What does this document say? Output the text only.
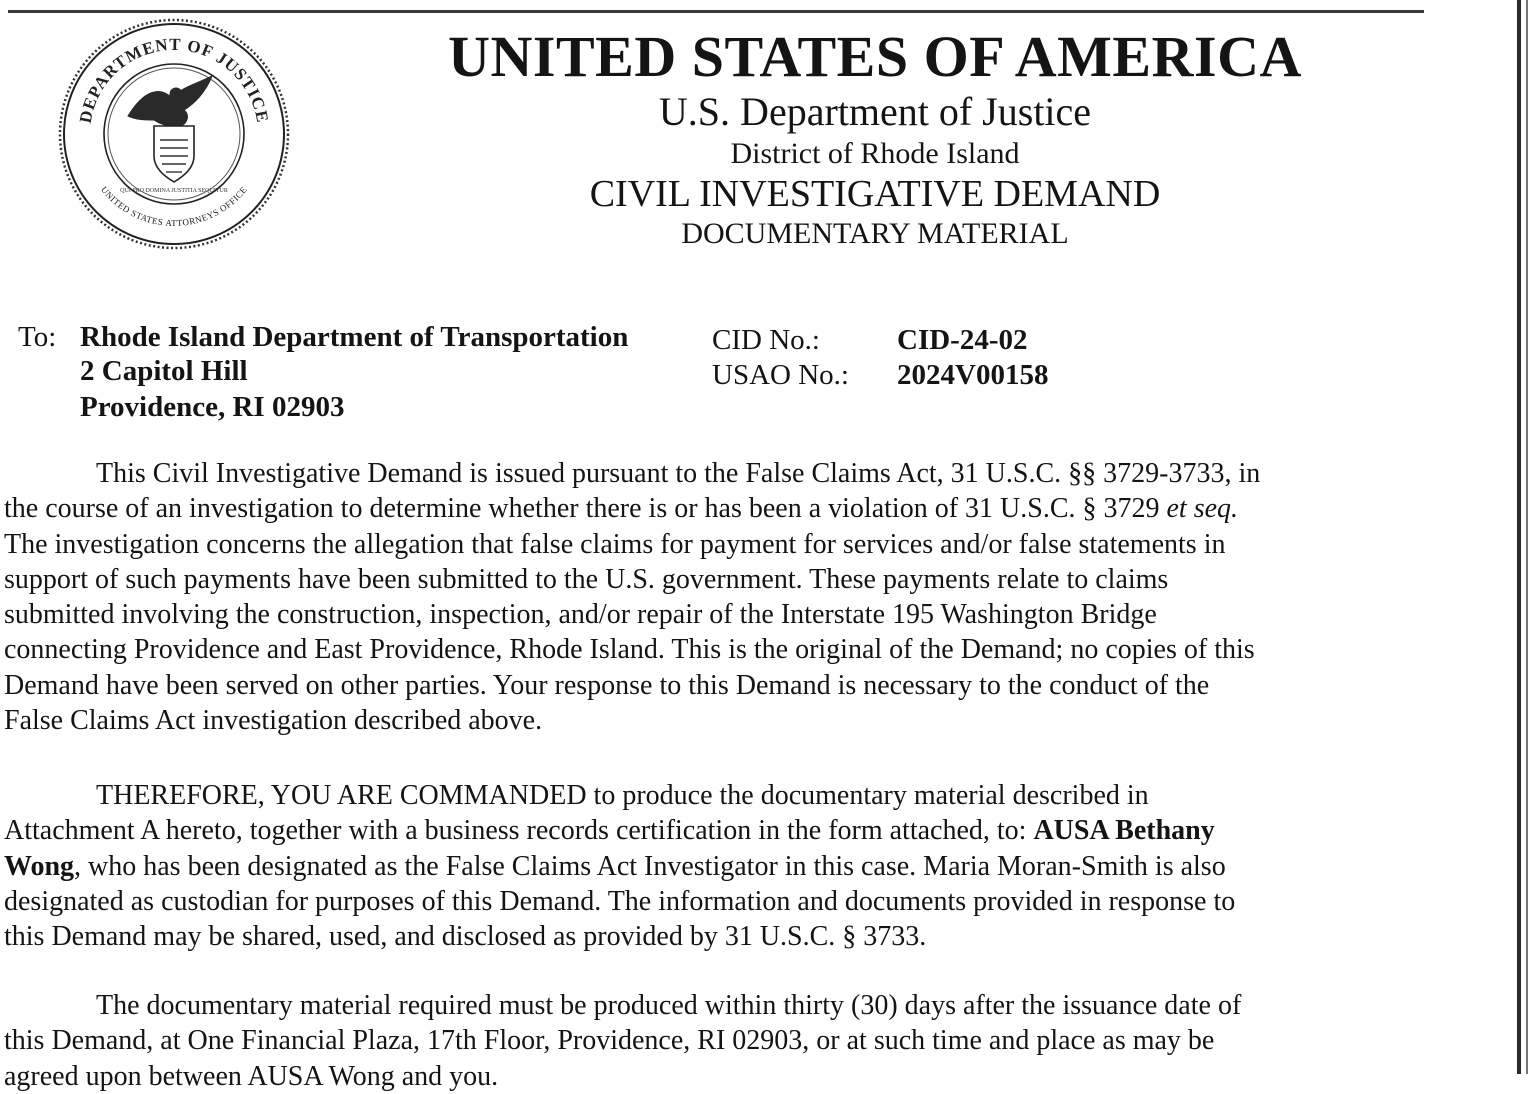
DEPARTMENT OF JUSTICE
UNITED STATES ATTORNEYS OFFICE
QUI PRO DOMINA JUSTITIA SEQUITUR
UNITED STATES OF AMERICA
U.S. Department of Justice
District of Rhode Island
CIVIL INVESTIGATIVE DEMAND
DOCUMENTARY MATERIAL
To: Rhode Island Department of Transportation
2 Capitol Hill
Providence, RI 02903
CID No.:	CID-24-02
USAO No.: 2024V00158
This Civil Investigative Demand is issued pursuant to the False Claims Act, 31 U.S.C. §§ 3729-3733, in
the course of an investigation to determine whether there is or has been a violation of 31 U.S.C. § 3729 et seq.
The investigation concerns the allegation that false claims for payment for services and/or false statements in
support of such payments have been submitted to the U.S. government. These payments relate to claims
submitted involving the construction, inspection, and/or repair of the Interstate 195 Washington Bridge
connecting Providence and East Providence, Rhode Island. This is the original of the Demand; no copies of this
Demand have been served on other parties. Your response to this Demand is necessary to the conduct of the
False Claims Act investigation described above.
THEREFORE, YOU ARE COMMANDED to produce the documentary material described in
Attachment A hereto, together with a business records certification in the form attached, to: AUSA Bethany
Wong, who has been designated as the False Claims Act Investigator in this case. Maria Moran-Smith is also
designated as custodian for purposes of this Demand. The information and documents provided in response to
this Demand may be shared, used, and disclosed as provided by 31 U.S.C. § 3733.
The documentary material required must be produced within thirty (30) days after the issuance date of
this Demand, at One Financial Plaza, 17th Floor, Providence, RI 02903, or at such time and place as may be
agreed upon between AUSA Wong and you.
